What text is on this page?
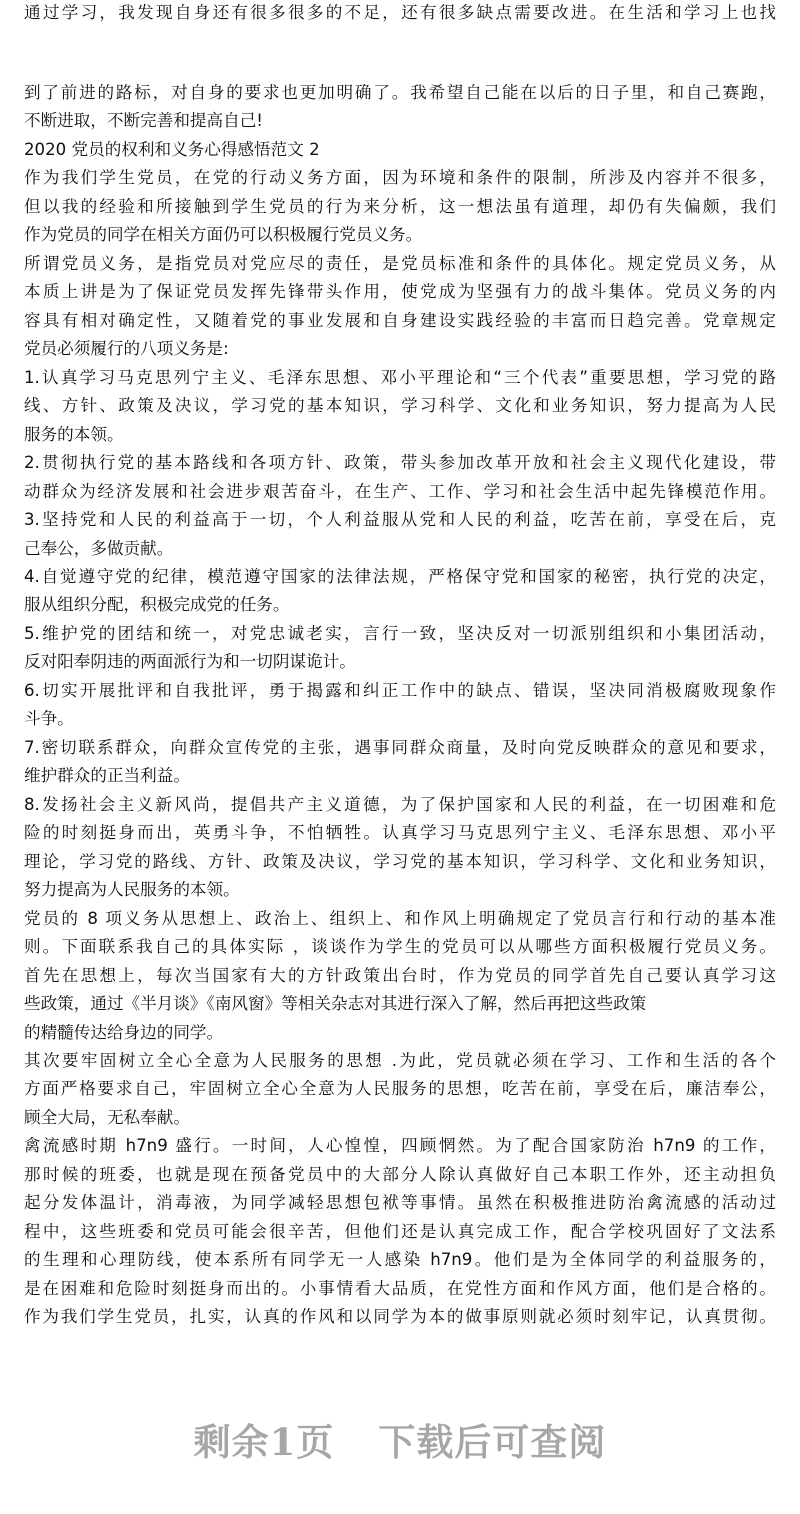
通过学习，我发现自身还有很多很多的不足，还有很多缺点需要改进。在生活和学习上也找
到了前进的路标，对自身的要求也更加明确了。我希望自己能在以后的日子里，和自己赛跑，
不断进取，不断完善和提高自己!
2020 党员的权利和义务心得感悟范文 2
作为我们学生党员，在党的行动义务方面，因为环境和条件的限制，所涉及内容并不很多，
但以我的经验和所接触到学生党员的行为来分析，这一想法虽有道理，却仍有失偏颇，我们
作为党员的同学在相关方面仍可以积极履行党员义务。
所谓党员义务，是指党员对党应尽的责任，是党员标准和条件的具体化。规定党员义务，从
本质上讲是为了保证党员发挥先锋带头作用，使党成为坚强有力的战斗集体。党员义务的内
容具有相对确定性，又随着党的事业发展和自身建设实践经验的丰富而日趋完善。党章规定
党员必须履行的八项义务是:
1.认真学习马克思列宁主义、毛泽东思想、邓小平理论和“三个代表”重要思想，学习党的路
线、方针、政策及决议，学习党的基本知识，学习科学、文化和业务知识，努力提高为人民
服务的本领。
2.贯彻执行党的基本路线和各项方针、政策，带头参加改革开放和社会主义现代化建设，带
动群众为经济发展和社会进步艰苦奋斗，在生产、工作、学习和社会生活中起先锋模范作用。
3.坚持党和人民的利益高于一切，个人利益服从党和人民的利益，吃苦在前，享受在后，克
己奉公，多做贡献。
4.自觉遵守党的纪律，模范遵守国家的法律法规，严格保守党和国家的秘密，执行党的决定，
服从组织分配，积极完成党的任务。
5.维护党的团结和统一，对党忠诚老实，言行一致，坚决反对一切派别组织和小集团活动，
反对阳奉阴违的两面派行为和一切阴谋诡计。
6.切实开展批评和自我批评，勇于揭露和纠正工作中的缺点、错误，坚决同消极腐败现象作
斗争。
7.密切联系群众，向群众宣传党的主张，遇事同群众商量，及时向党反映群众的意见和要求，
维护群众的正当利益。
8.发扬社会主义新风尚，提倡共产主义道德，为了保护国家和人民的利益，在一切困难和危
险的时刻挺身而出，英勇斗争，不怕牺牲。认真学习马克思列宁主义、毛泽东思想、邓小平
理论，学习党的路线、方针、政策及决议，学习党的基本知识，学习科学、文化和业务知识，
努力提高为人民服务的本领。
党员的 8 项义务从思想上、政治上、组织上、和作风上明确规定了党员言行和行动的基本准
则。下面联系我自己的具体实际 ，谈谈作为学生的党员可以从哪些方面积极履行党员义务。
首先在思想上，每次当国家有大的方针政策出台时，作为党员的同学首先自己要认真学习这
些政策，通过《半月谈》《南风窗》等相关杂志对其进行深入了解，然后再把这些政策
的精髓传达给身边的同学。
其次要牢固树立全心全意为人民服务的思想 .为此，党员就必须在学习、工作和生活的各个
方面严格要求自己，牢固树立全心全意为人民服务的思想，吃苦在前，享受在后，廉洁奉公，
顾全大局，无私奉献。
禽流感时期 h7n9 盛行。一时间，人心惶惶，四顾惘然。为了配合国家防治 h7n9 的工作，
那时候的班委，也就是现在预备党员中的大部分人除认真做好自己本职工作外，还主动担负
起分发体温计，消毒液，为同学减轻思想包袱等事情。虽然在积极推进防治禽流感的活动过
程中，这些班委和党员可能会很辛苦，但他们还是认真完成工作，配合学校巩固好了文法系
的生理和心理防线，使本系所有同学无一人感染 h7n9。他们是为全体同学的利益服务的，
是在困难和危险时刻挺身而出的。小事情看大品质，在党性方面和作风方面，他们是合格的。
作为我们学生党员，扎实，认真的作风和以同学为本的做事原则就必须时刻牢记，认真贯彻。
剩余1页 下载后可查阅
